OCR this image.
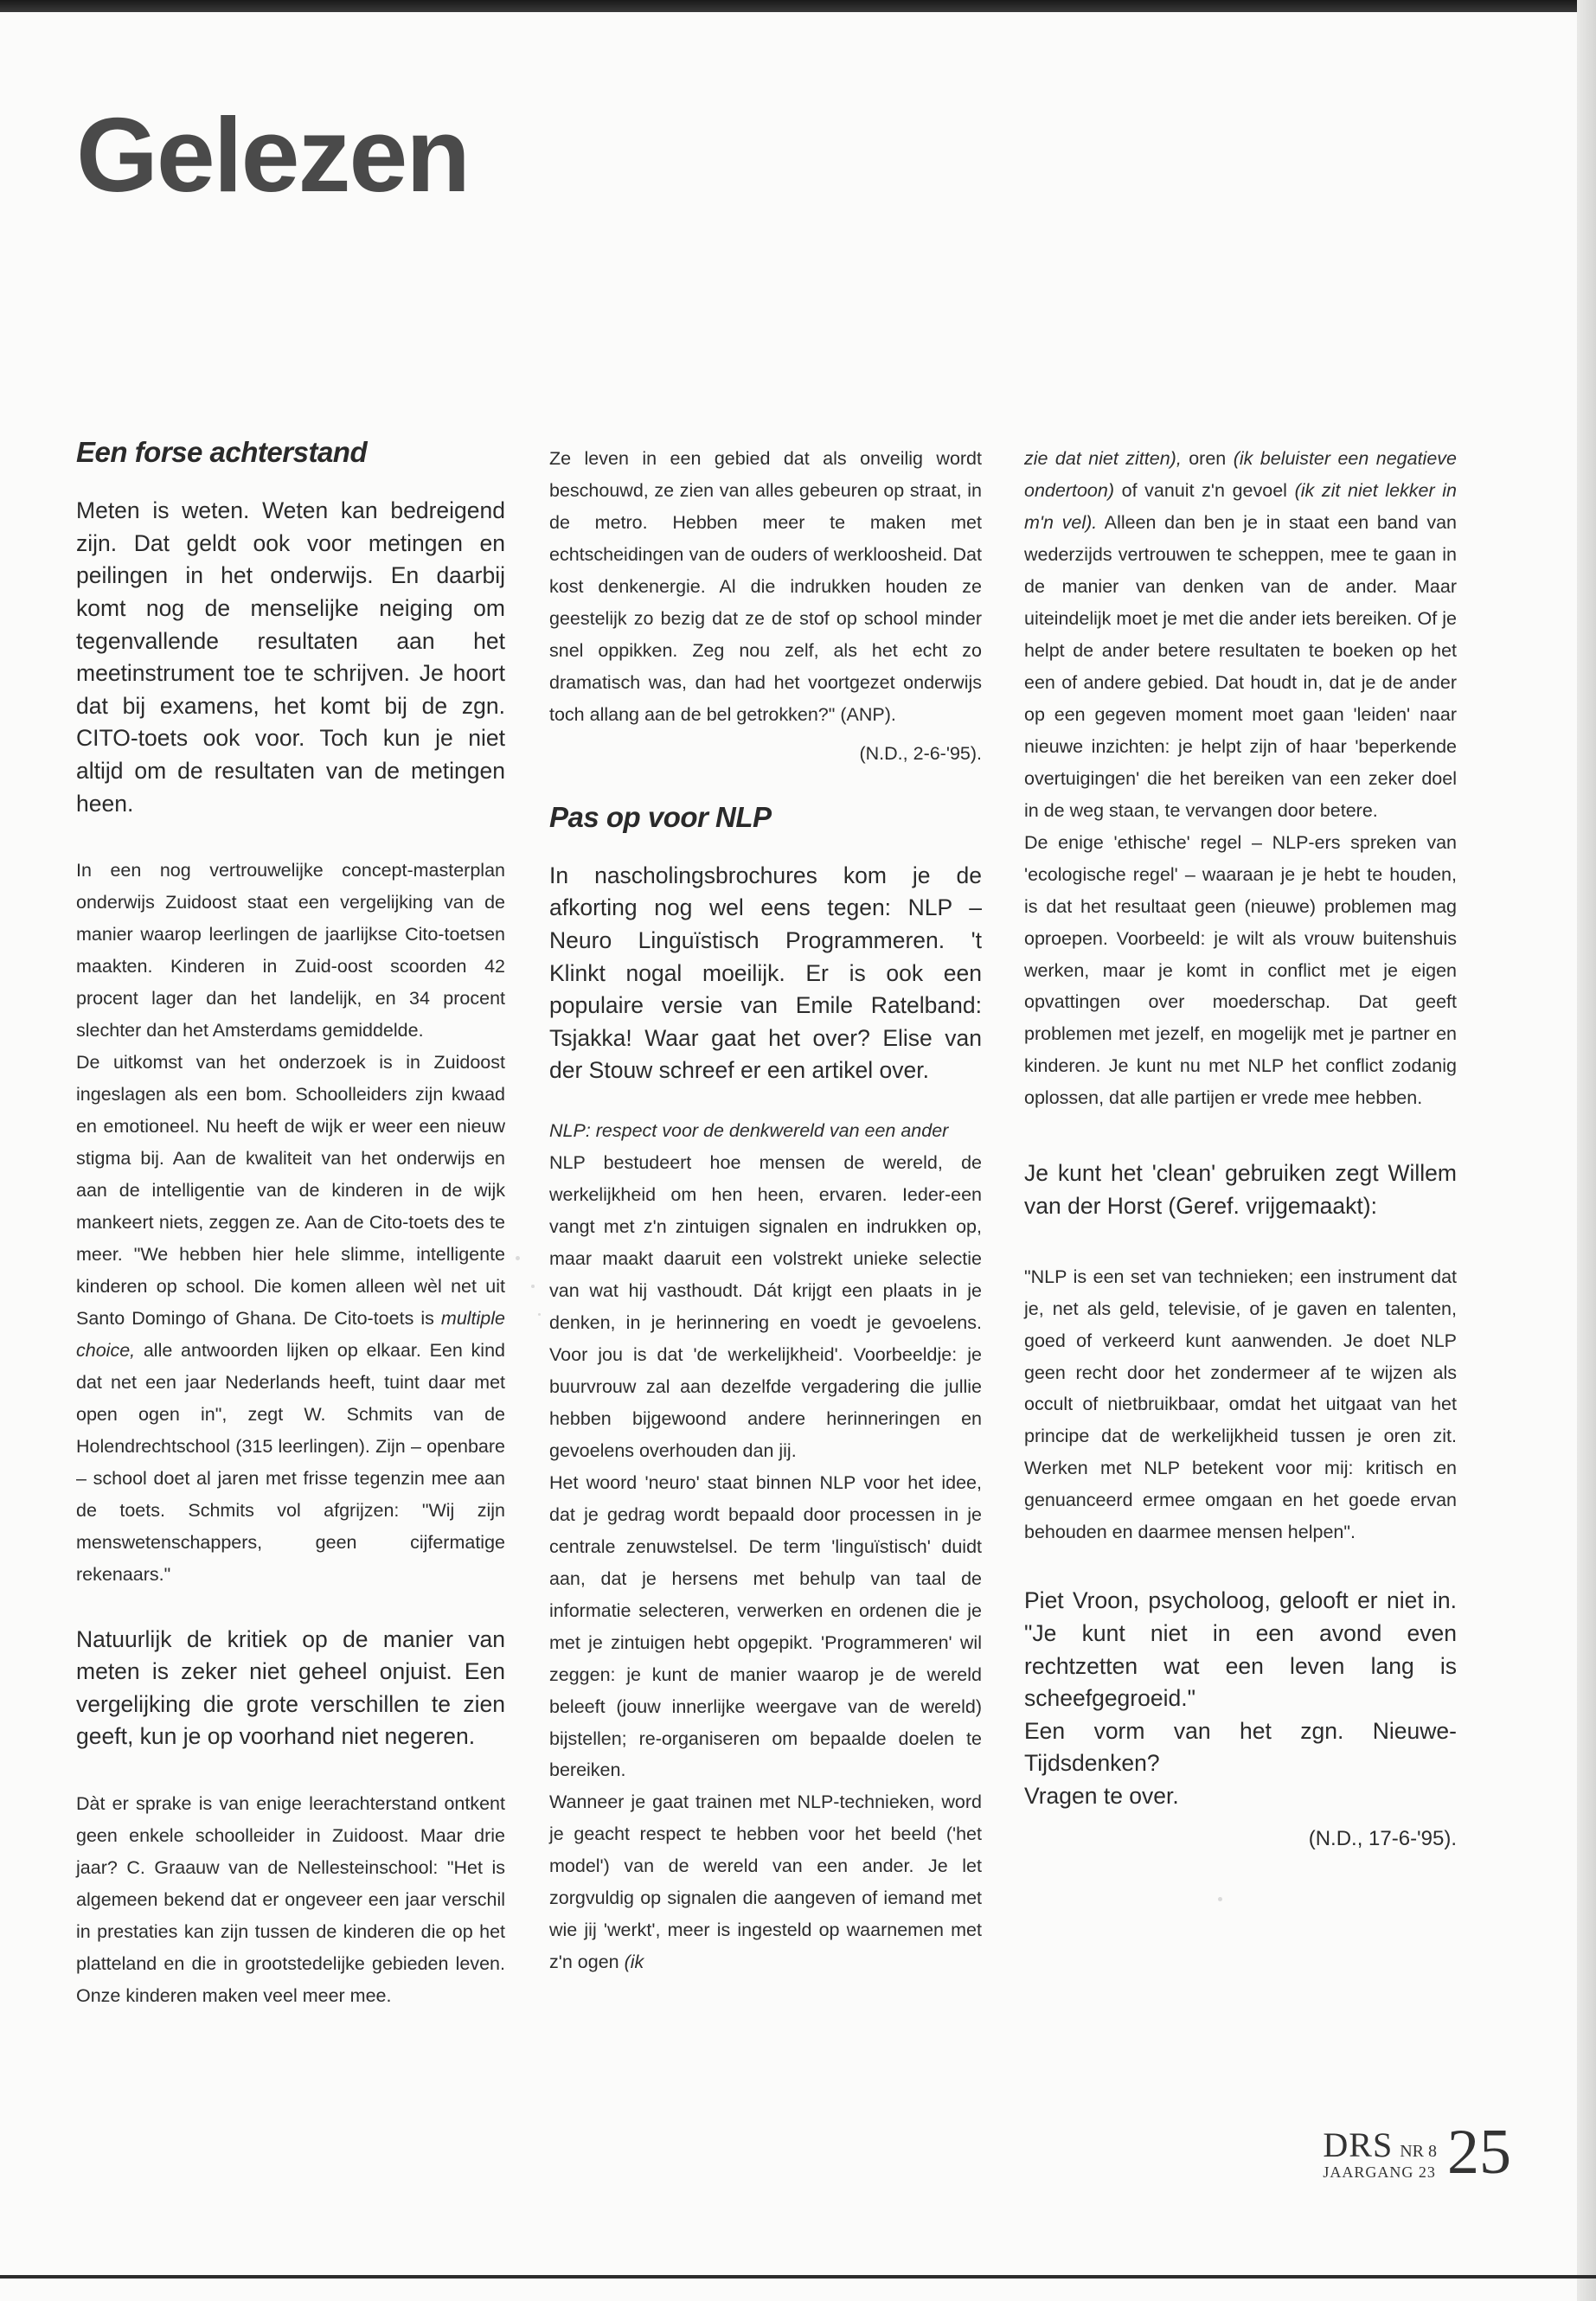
Gelezen
Een forse achterstand

Meten is weten. Weten kan bedreigend zijn. Dat geldt ook voor metingen en peilingen in het onderwijs. En daarbij komt nog de menselijke neiging om tegenvallende resultaten aan het meetinstrument toe te schrijven. Je hoort dat bij examens, het komt bij de zgn. CITO-toets ook voor. Toch kun je niet altijd om de resultaten van de metingen heen.

In een nog vertrouwelijke concept-masterplan onderwijs Zuidoost staat een vergelijking van de manier waarop leerlingen de jaarlijkse Cito-toetsen maakten. Kinderen in Zuid-oost scoorden 42 procent lager dan het landelijk, en 34 procent slechter dan het Amsterdams gemiddelde.

De uitkomst van het onderzoek is in Zuidoost ingeslagen als een bom. Schoolleiders zijn kwaad en emotioneel. Nu heeft de wijk er weer een nieuw stigma bij. Aan de kwaliteit van het onderwijs en aan de intelligentie van de kinderen in de wijk mankeert niets, zeggen ze. Aan de Cito-toets des te meer. "We hebben hier hele slimme, intelligente kinderen op school. Die komen alleen wèl net uit Santo Domingo of Ghana. De Cito-toets is multiple choice, alle antwoorden lijken op elkaar. Een kind dat net een jaar Nederlands heeft, tuint daar met open ogen in", zegt W. Schmits van de Holendrechtschool (315 leerlingen). Zijn – openbare – school doet al jaren met frisse tegenzin mee aan de toets. Schmits vol afgrijzen: "Wij zijn menswetenschappers, geen cijfermatige rekenaars."

Natuurlijk de kritiek op de manier van meten is zeker niet geheel onjuist. Een vergelijking die grote verschillen te zien geeft, kun je op voorhand niet negeren.

Dàt er sprake is van enige leerachterstand ontkent geen enkele schoolleider in Zuidoost. Maar drie jaar? C. Graauw van de Nellesteinschool: "Het is algemeen bekend dat er ongeveer een jaar verschil in prestaties kan zijn tussen de kinderen die op het platteland en die in grootstedelijke gebieden leven. Onze kinderen maken veel meer mee.

Ze leven in een gebied dat als onveilig wordt beschouwd, ze zien van alles gebeuren op straat, in de metro. Hebben meer te maken met echtscheidingen van de ouders of werkloosheid. Dat kost denkenergie. Al die indrukken houden ze geestelijk zo bezig dat ze de stof op school minder snel oppikken. Zeg nou zelf, als het echt zo dramatisch was, dan had het voortgezet onderwijs toch allang aan de bel getrokken?" (ANP).

(N.D., 2-6-'95).

Pas op voor NLP

In nascholingsbrochures kom je de afkorting nog wel eens tegen: NLP – Neuro Linguïstisch Programmeren. 't Klinkt nogal moeilijk. Er is ook een populaire versie van Emile Ratelband: Tsjakka! Waar gaat het over? Elise van der Stouw schreef er een artikel over.

NLP: respect voor de denkwereld van een ander

NLP bestudeert hoe mensen de wereld, de werkelijkheid om hen heen, ervaren. Ieder-een vangt met z'n zintuigen signalen en indrukken op, maar maakt daaruit een volstrekt unieke selectie van wat hij vasthoudt. Dát krijgt een plaats in je denken, in je herinnering en voedt je gevoelens. Voor jou is dat 'de werkelijkheid'. Voorbeeldje: je buurvrouw zal aan dezelfde vergadering die jullie hebben bijgewoond andere herinneringen en gevoelens overhouden dan jij.

Het woord 'neuro' staat binnen NLP voor het idee, dat je gedrag wordt bepaald door processen in je centrale zenuwstelsel. De term 'linguïstisch' duidt aan, dat je hersens met behulp van taal de informatie selecteren, verwerken en ordenen die je met je zintuigen hebt opgepikt. 'Programmeren' wil zeggen: je kunt de manier waarop je de wereld beleeft (jouw innerlijke weergave van de wereld) bijstellen; re-organiseren om bepaalde doelen te bereiken.

Wanneer je gaat trainen met NLP-technieken, word je geacht respect te hebben voor het beeld ('het model') van de wereld van een ander. Je let zorgvuldig op signalen die aangeven of iemand met wie jij 'werkt', meer is ingesteld op waarnemen met z'n ogen (ik

zie dat niet zitten), oren (ik beluister een negatieve ondertoon) of vanuit z'n gevoel (ik zit niet lekker in m'n vel). Alleen dan ben je in staat een band van wederzijds vertrouwen te scheppen, mee te gaan in de manier van denken van de ander. Maar uiteindelijk moet je met die ander iets bereiken. Of je helpt de ander betere resultaten te boeken op het een of andere gebied. Dat houdt in, dat je de ander op een gegeven moment moet gaan 'leiden' naar nieuwe inzichten: je helpt zijn of haar 'beperkende overtuigingen' die het bereiken van een zeker doel in de weg staan, te vervangen door betere.

De enige 'ethische' regel – NLP-ers spreken van 'ecologische regel' – waaraan je je hebt te houden, is dat het resultaat geen (nieuwe) problemen mag oproepen. Voorbeeld: je wilt als vrouw buitenshuis werken, maar je komt in conflict met je eigen opvattingen over moederschap. Dat geeft problemen met jezelf, en mogelijk met je partner en kinderen. Je kunt nu met NLP het conflict zodanig oplossen, dat alle partijen er vrede mee hebben.

Je kunt het 'clean' gebruiken zegt Willem van der Horst (Geref. vrijgemaakt):

"NLP is een set van technieken; een instrument dat je, net als geld, televisie, of je gaven en talenten, goed of verkeerd kunt aanwenden. Je doet NLP geen recht door het zondermeer af te wijzen als occult of nietbruikbaar, omdat het uitgaat van het principe dat de werkelijkheid tussen je oren zit. Werken met NLP betekent voor mij: kritisch en genuanceerd ermee omgaan en het goede ervan behouden en daarmee mensen helpen".

Piet Vroon, psycholoog, gelooft er niet in. "Je kunt niet in een avond even rechtzetten wat een leven lang is scheefgegroeid."

Een vorm van het zgn. Nieuwe-Tijdsdenken?

Vragen te over.

(N.D., 17-6-'95).

DRS NR 8
JAARGANG 23 25
